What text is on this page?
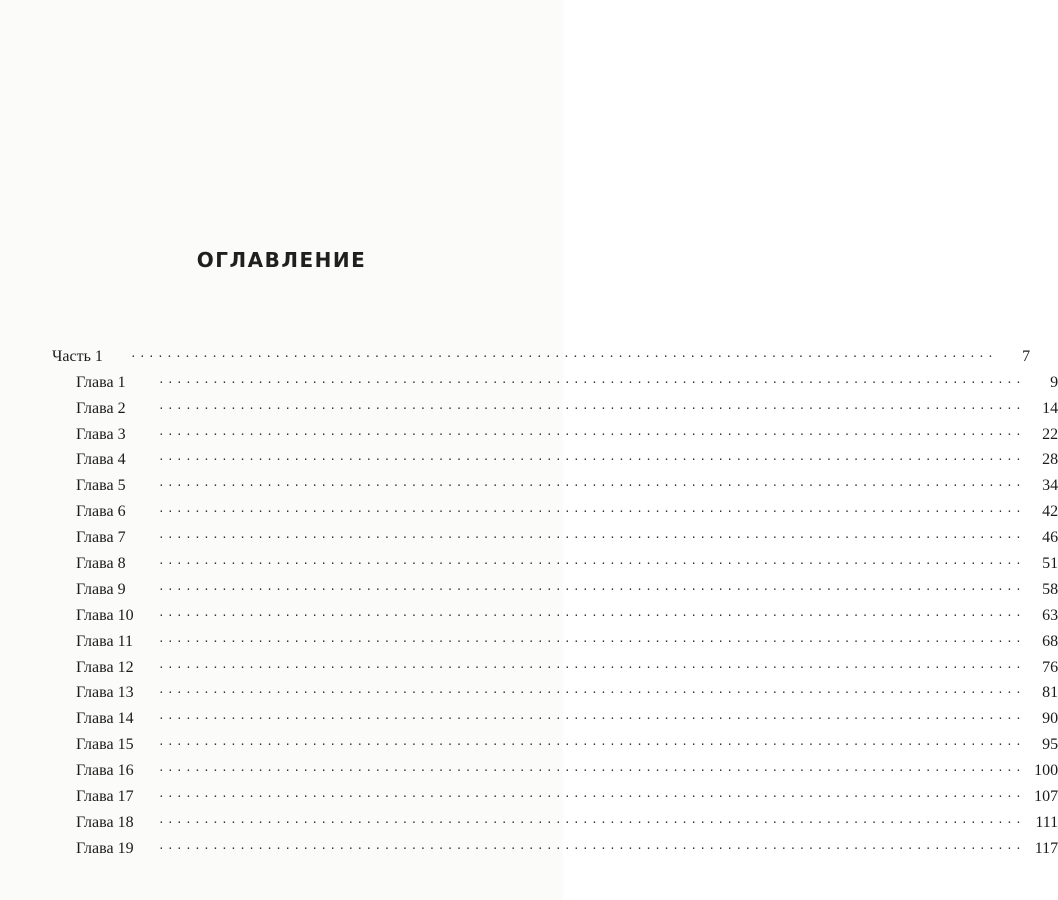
ОГЛАВЛЕНИЕ
Часть 1	................................................................................................	7
Глава 1	................................................................................................	9
Глава 2	................................................................................................	14
Глава 3	................................................................................................	22
Глава 4	................................................................................................	28
Глава 5	................................................................................................	34
Глава 6	................................................................................................	42
Глава 7	................................................................................................	46
Глава 8	................................................................................................	51
Глава 9	................................................................................................	58
Глава 10	................................................................................................	63
Глава 11	................................................................................................	68
Глава 12	................................................................................................	76
Глава 13	................................................................................................	81
Глава 14	................................................................................................	90
Глава 15	................................................................................................	95
Глава 16	................................................................................................ 100
Глава 17	................................................................................................ 107
Глава 18	................................................................................................ 111
Глава 19	................................................................................................ 117
